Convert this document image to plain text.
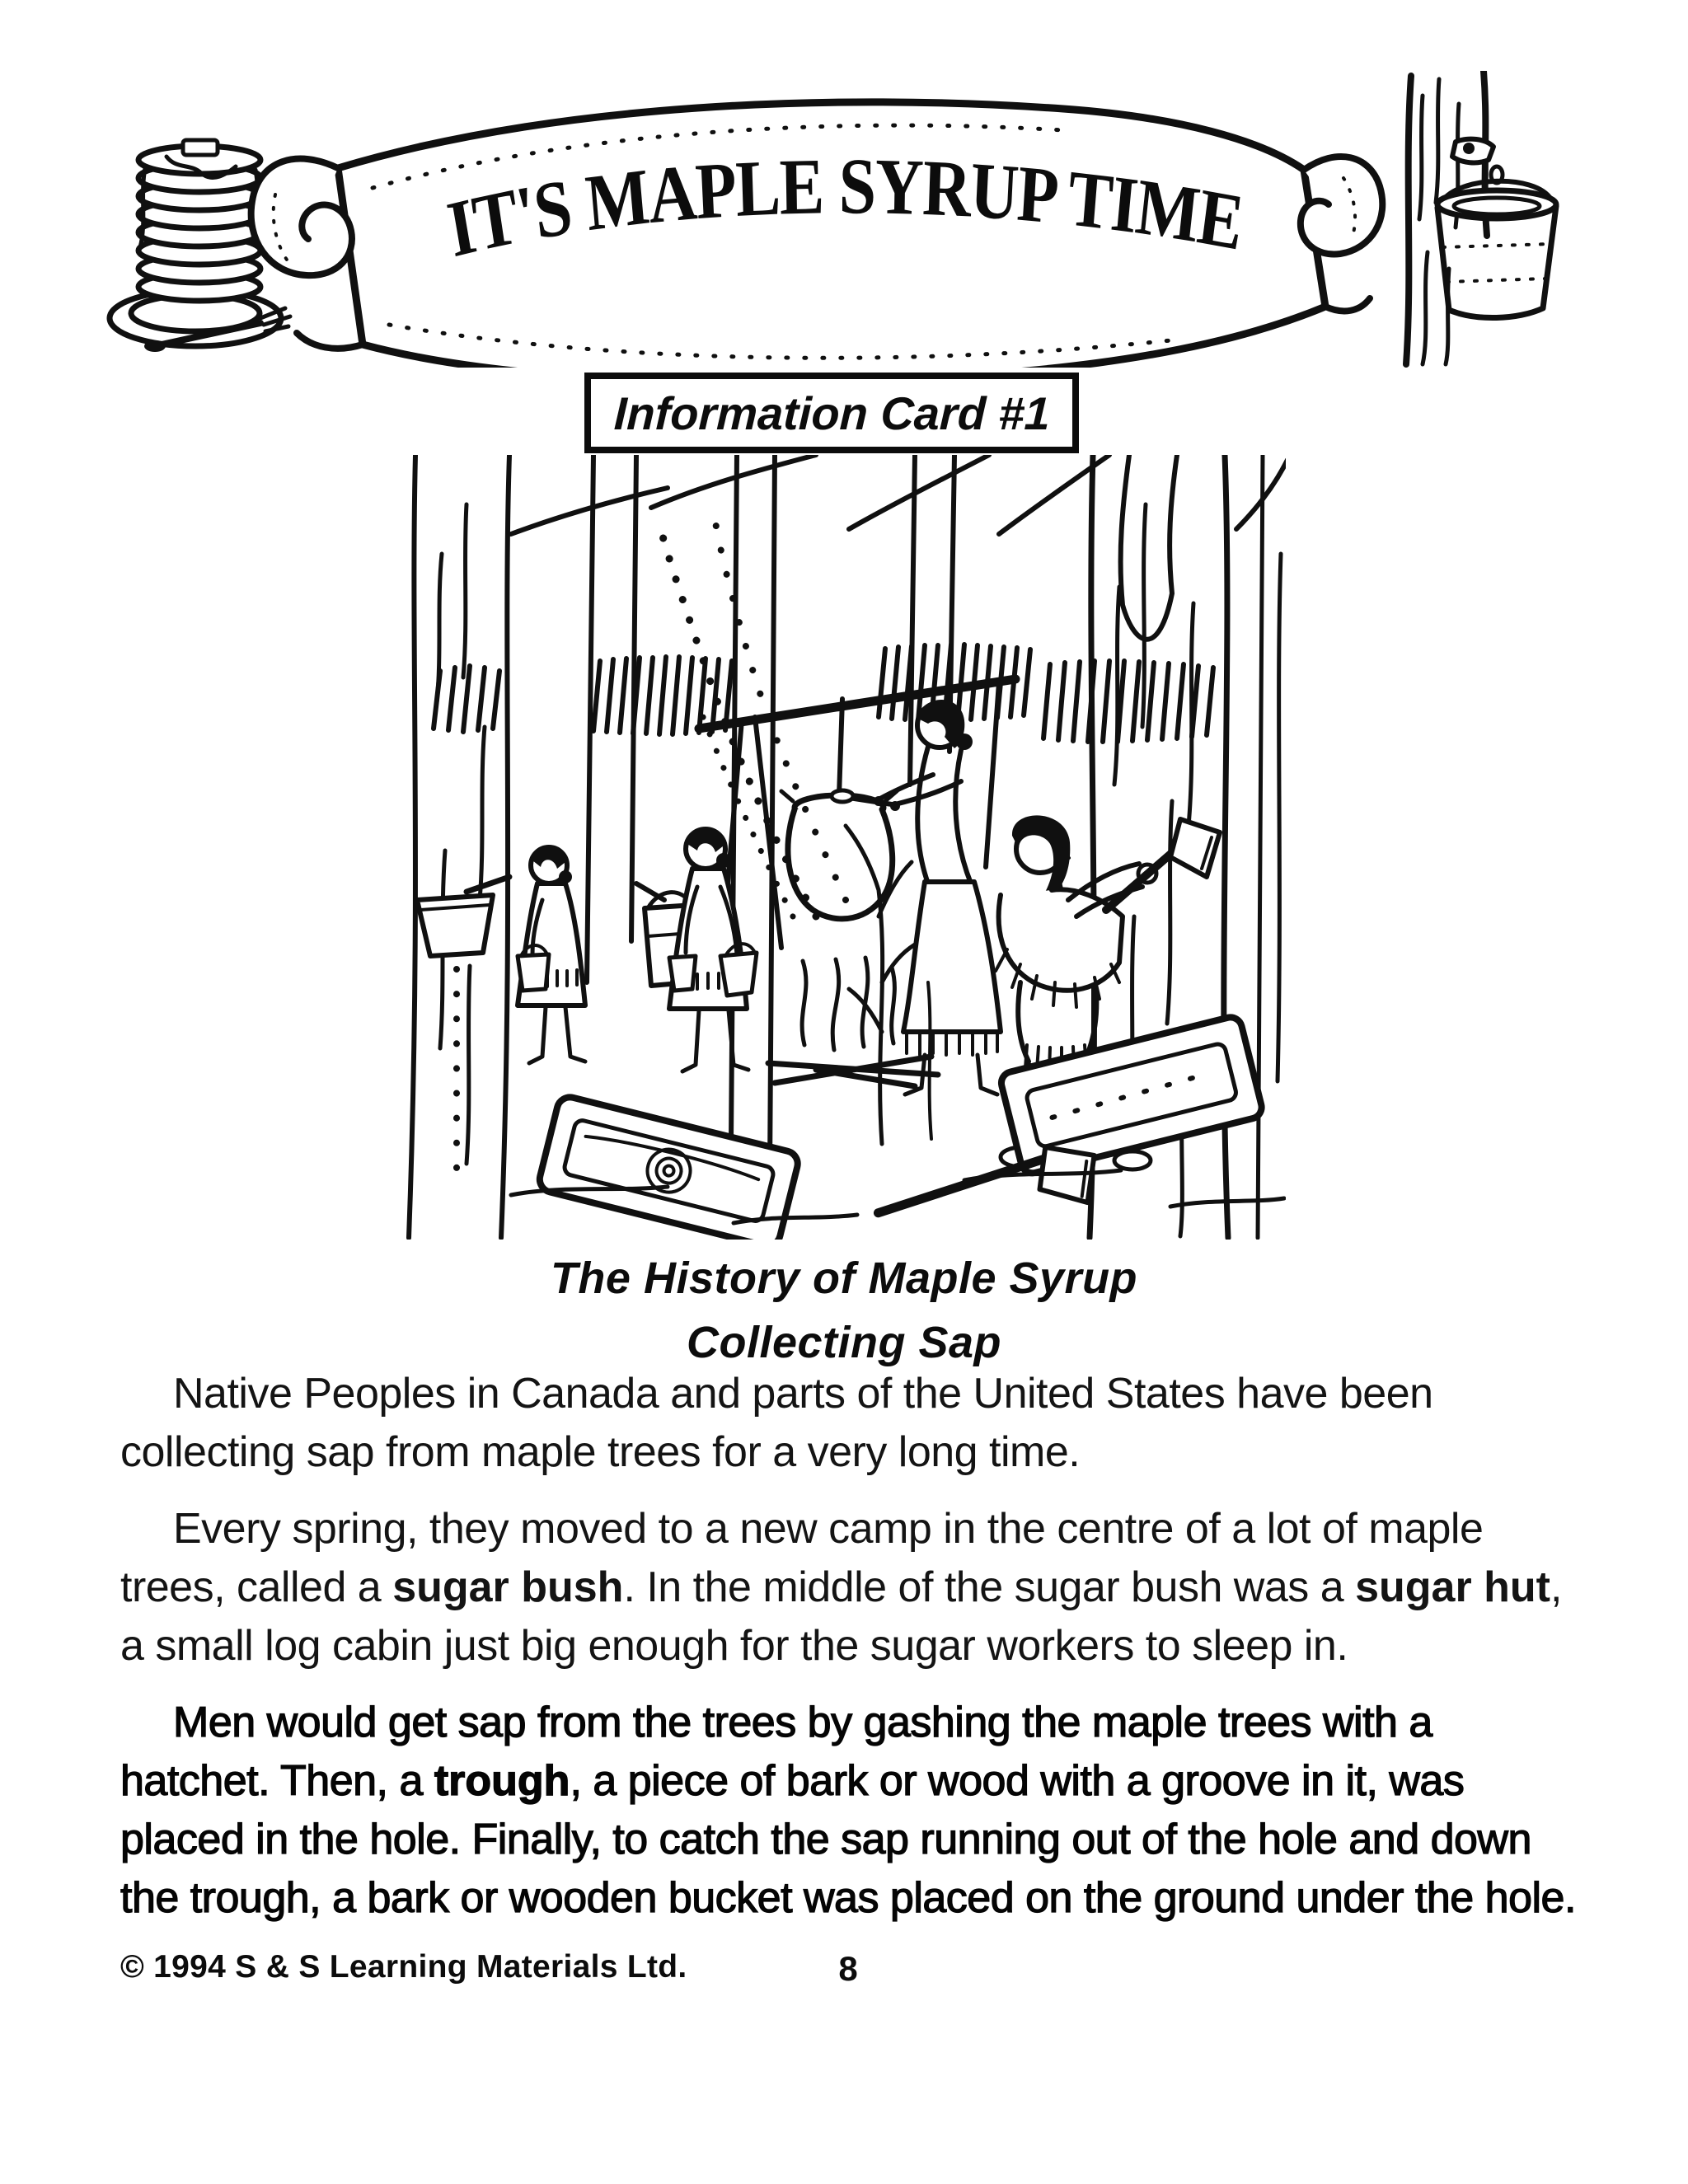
IT'S MAPLE SYRUP TIME
Information Card #1
The History of Maple Syrup
Collecting Sap

Native Peoples in Canada and parts of the United States have been collecting sap from maple trees for a very long time.

Every spring, they moved to a new camp in the centre of a lot of maple trees, called a sugar bush. In the middle of the sugar bush was a sugar hut, a small log cabin just big enough for the sugar workers to sleep in.

Men would get sap from the trees by gashing the maple trees with a hatchet. Then, a trough, a piece of bark or wood with a groove in it, was placed in the hole. Finally, to catch the sap running out of the hole and down the trough, a bark or wooden bucket was placed on the ground under the hole.

© 1994 S & S Learning Materials Ltd.	8
